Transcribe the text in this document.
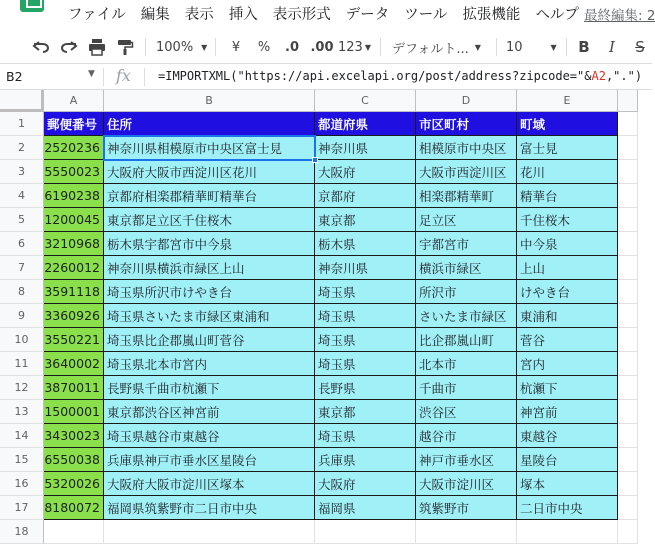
ファイル 編集 表示 挿入 表示形式 データ ツール 拡張機能 ヘルプ 最終編集: 2
100% ▼	¥	% .0 .00 123 ▼ デフォルト... ▼ 10	▼ B	I	S
B2	▼ fx =IMPORTXML("https://api.excelapi.org/post/address?zipcode="&A2,".")
A	B	C	D	E
1	郵便番号 住所	都道府県	市区町村	町域
2	2520236 神奈川県相模原市中央区富士見	神奈川県	相模原市中央区	富士見
3	5550023 大阪府大阪市西淀川区花川	大阪府	大阪市西淀川区	花川
4	6190238 京都府相楽郡精華町精華台	京都府	相楽郡精華町	精華台
5	1200045 東京都足立区千住桜木	東京都	足立区	千住桜木
6	3210968 栃木県宇都宮市中今泉	栃木県	宇都宮市	中今泉
7	2260012 神奈川県横浜市緑区上山	神奈川県	横浜市緑区	上山
8	3591118 埼玉県所沢市けやき台	埼玉県	所沢市	けやき台
9	3360926 埼玉県さいたま市緑区東浦和	埼玉県	さいたま市緑区	東浦和
10	3550221 埼玉県比企郡嵐山町菅谷	埼玉県	比企郡嵐山町	菅谷
11	3640002 埼玉県北本市宮内	埼玉県	北本市	宮内
12	3870011 長野県千曲市杭瀬下	長野県	千曲市	杭瀬下
13	1500001 東京都渋谷区神宮前	東京都	渋谷区	神宮前
14	3430023 埼玉県越谷市東越谷	埼玉県	越谷市	東越谷
15	6550038 兵庫県神戸市垂水区星陵台	兵庫県	神戸市垂水区	星陵台
16	5320026 大阪府大阪市淀川区塚本	大阪府	大阪市淀川区	塚本
17	8180072 福岡県筑紫野市二日市中央	福岡県	筑紫野市	二日市中央
18
